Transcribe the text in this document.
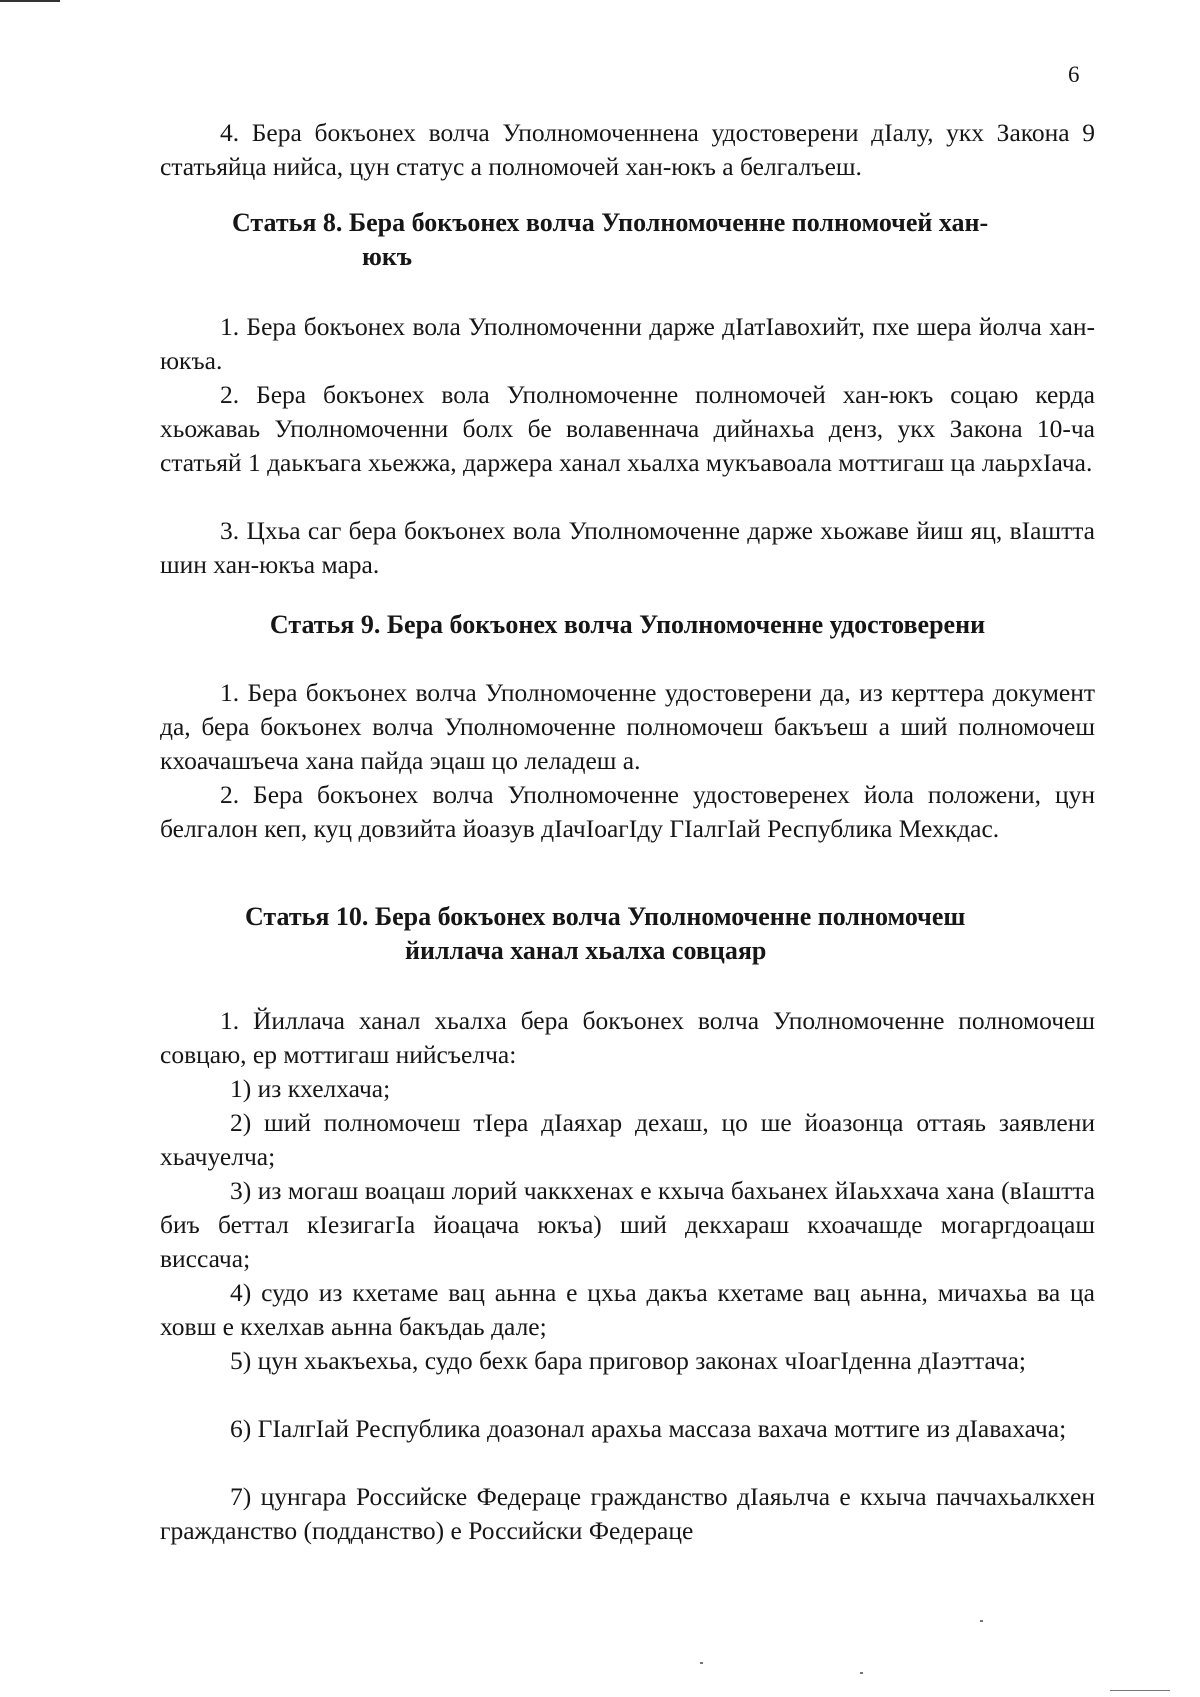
6

4. Бера бокъонех волча Уполномоченнена удостоверени дIалу, укх Закона 9 статьяйца нийса, цун статус а полномочей хан-юкъ а белгалъеш.

Статья 8. Бера бокъонех волча Уполномоченне полномочей хан-
юкъ

1. Бера бокъонех вола Уполномоченни дарже дIатIавохийт, пхе шера йолча хан-юкъа.

2. Бера бокъонех вола Уполномоченне полномочей хан-юкъ соцаю керда хьожаваь Уполномоченни болх бе волавеннача дийнахьа денз, укх Закона 10-ча статьяй 1 даькъага хьежжа, даржера ханал хьалха мукъавоала моттигаш ца лаьрхIача.

3. Цхьа саг бера бокъонех вола Уполномоченне дарже хьожаве йиш яц, вIаштта шин хан-юкъа мара.

Статья 9. Бера бокъонех волча Уполномоченне удостоверени

1. Бера бокъонех волча Уполномоченне удостоверени да, из керттера документ да, бера бокъонех волча Уполномоченне полномочеш бакъъеш а ший полномочеш кхоачашъеча хана пайда эцаш цо леладеш а.

2. Бера бокъонех волча Уполномоченне удостоверенех йола положени, цун белгалон кеп, куц довзийта йоазув дIачIоагIду ГIалгIай Республика Мехкдас.

Статья 10. Бера бокъонех волча Уполномоченне полномочеш
йиллача ханал хьалха совцаяр

1. Йиллача ханал хьалха бера бокъонех волча Уполномоченне полномочеш совцаю, ер моттигаш нийсъелча:

1) из кхелхача;

2) ший полномочеш тIера дIаяхар дехаш, цо ше йоазонца оттаяь заявлени хьачуелча;

3) из могаш воацаш лорий чаккхенах е кхыча бахьанех йIаьххача хана (вIаштта биъ беттал кIезигагIа йоацача юкъа) ший декхараш кхоачашде могаргдоацаш виссача;

4) судо из кхетаме вац аьнна е цхьа дакъа кхетаме вац аьнна, мичахьа ва ца ховш е кхелхав аьнна бакъдаь дале;

5) цун хьакъехьа, судо бехк бара приговор законах чIоагIденна дIаэттача;

6) ГIалгIай Республика доазонал арахьа массаза вахача моттиге из дIавахача;

7) цунгара Российске Федераце гражданство дIаяьлча е кхыча паччахьалкхен гражданство (подданство) е Российски Федераце
